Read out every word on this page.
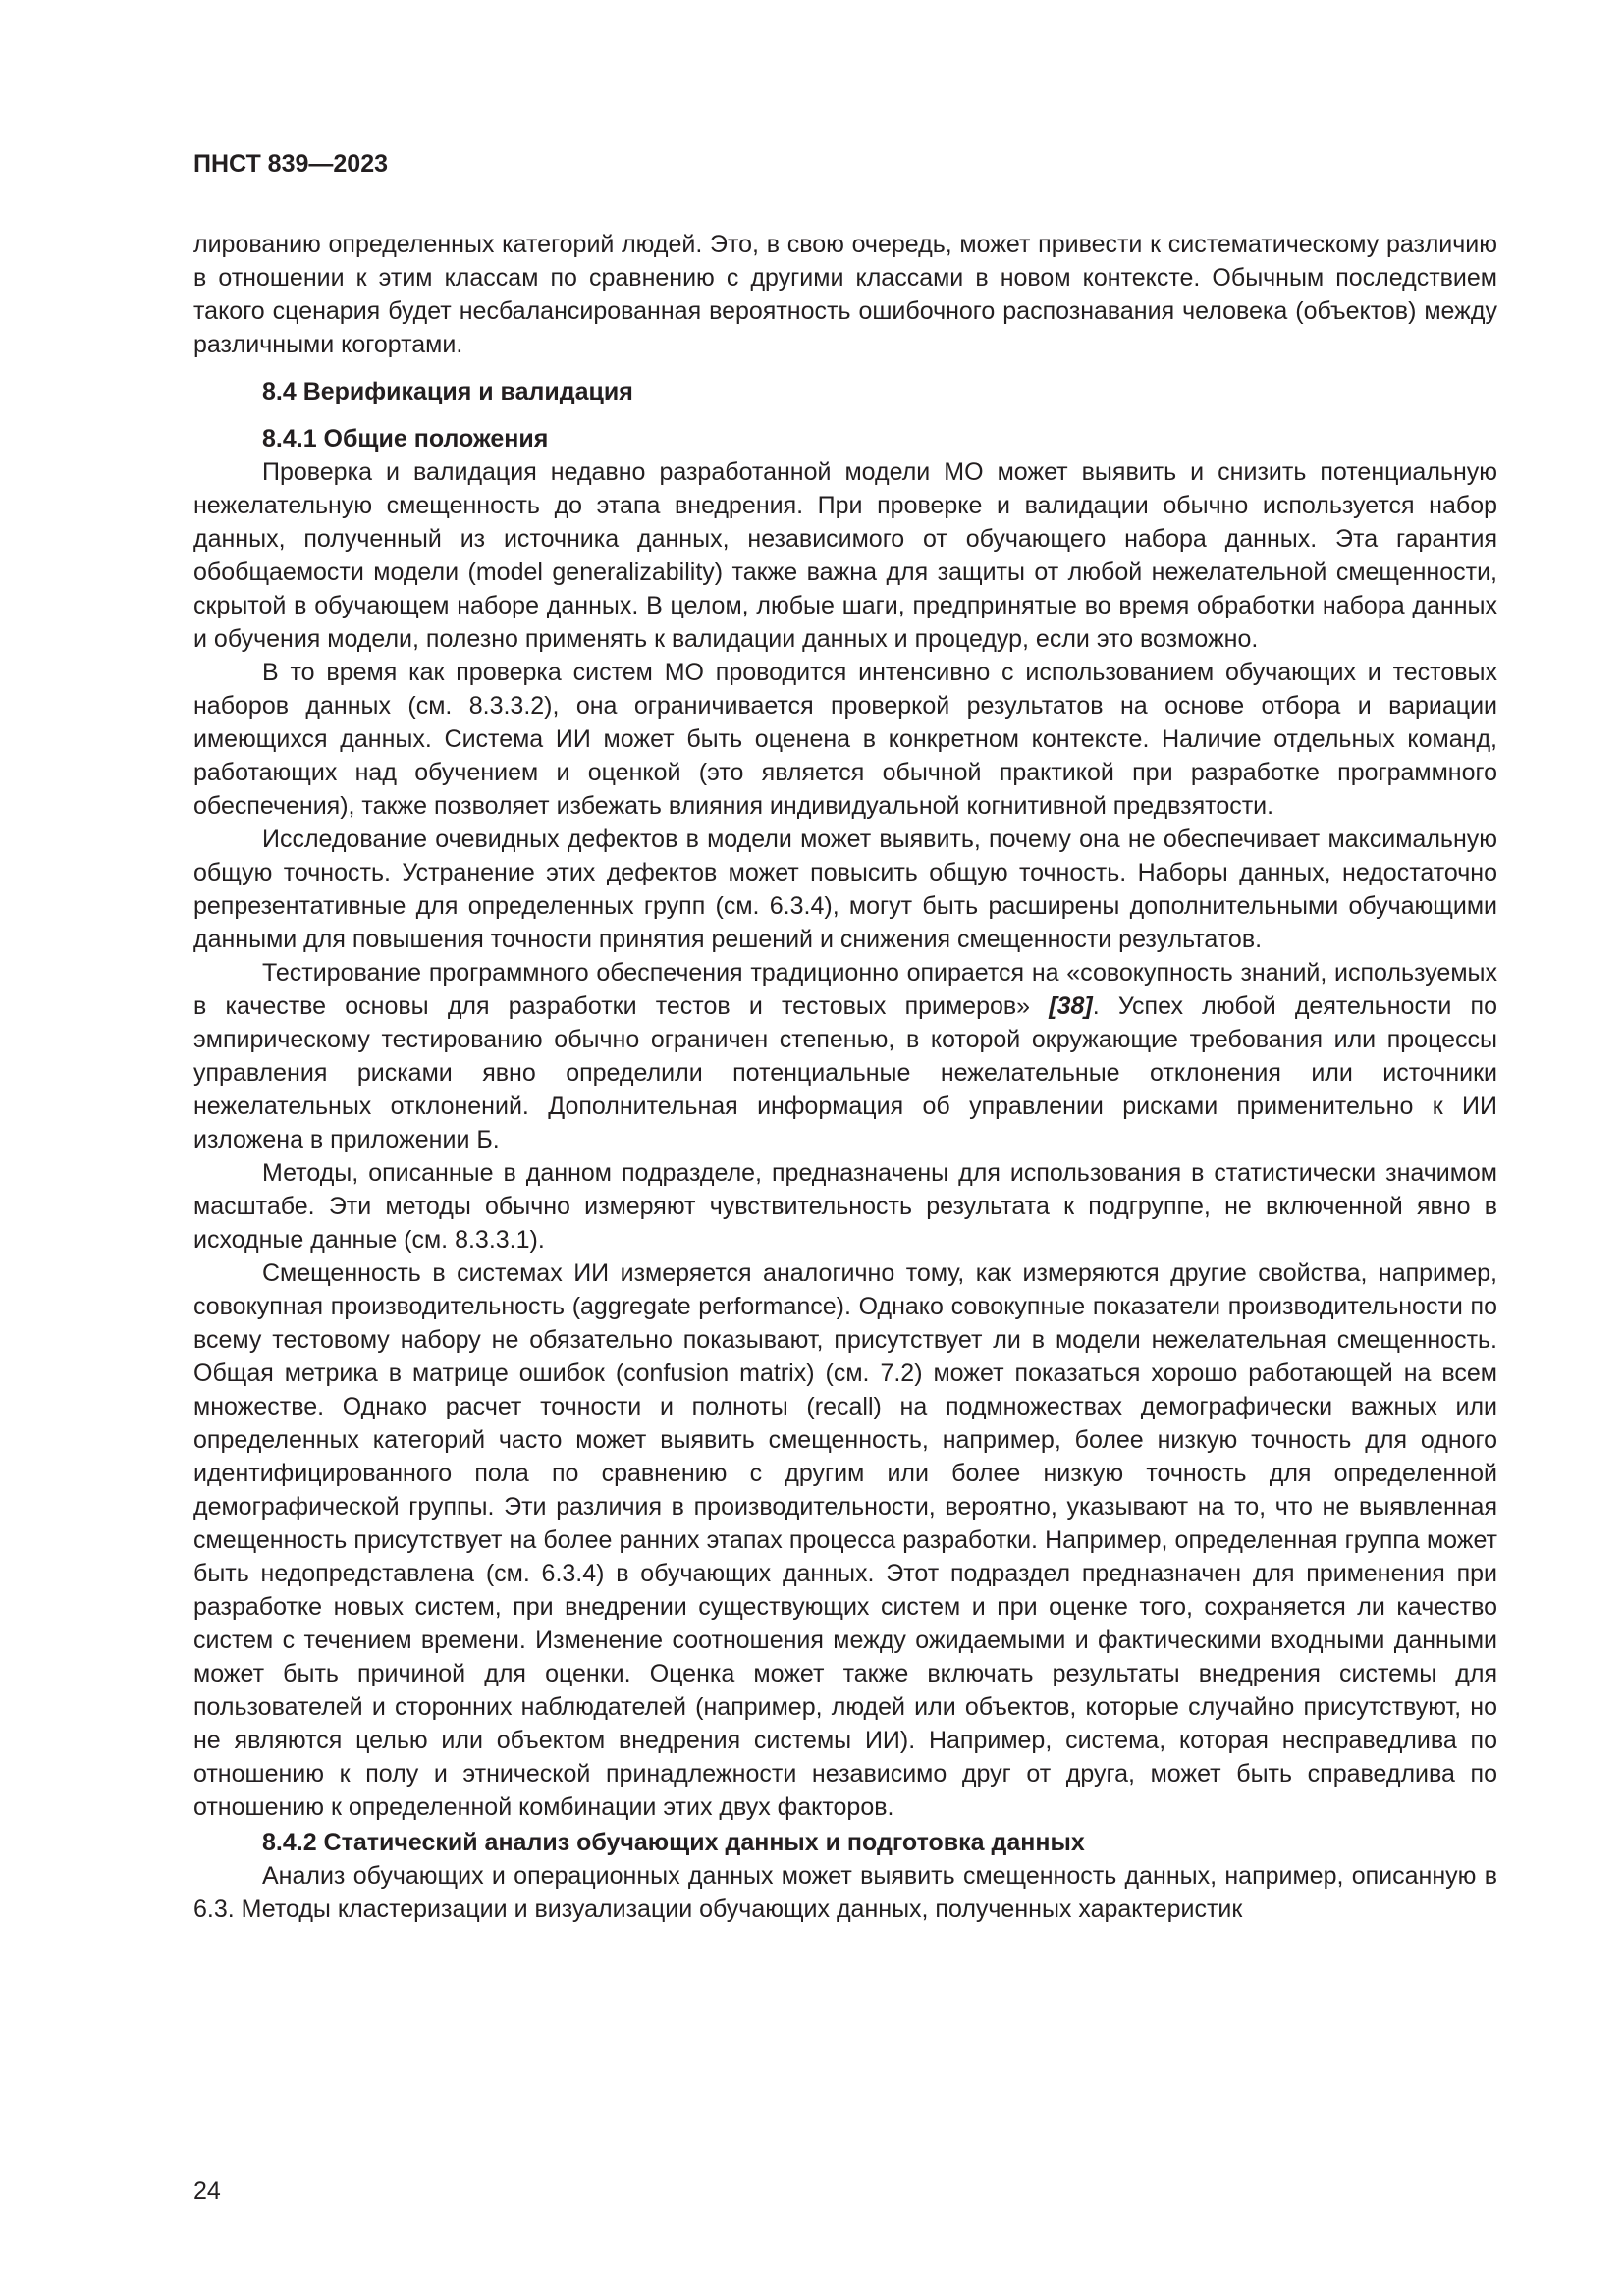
ПНСТ 839—2023

лированию определенных категорий людей. Это, в свою очередь, может привести к систематическому различию в отношении к этим классам по сравнению с другими классами в новом контексте. Обычным последствием такого сценария будет несбалансированная вероятность ошибочного распознавания человека (объектов) между различными когортами.

8.4 Верификация и валидация
8.4.1 Общие положения

Проверка и валидация недавно разработанной модели МО может выявить и снизить потенциальную нежелательную смещенность до этапа внедрения. При проверке и валидации обычно используется набор данных, полученный из источника данных, независимого от обучающего набора данных. Эта гарантия обобщаемости модели (model generalizability) также важна для защиты от любой нежелательной смещенности, скрытой в обучающем наборе данных. В целом, любые шаги, предпринятые во время обработки набора данных и обучения модели, полезно применять к валидации данных и процедур, если это возможно.

В то время как проверка систем МО проводится интенсивно с использованием обучающих и тестовых наборов данных (см. 8.3.3.2), она ограничивается проверкой результатов на основе отбора и вариации имеющихся данных. Система ИИ может быть оценена в конкретном контексте. Наличие отдельных команд, работающих над обучением и оценкой (это является обычной практикой при разработке программного обеспечения), также позволяет избежать влияния индивидуальной когнитивной предвзятости.

Исследование очевидных дефектов в модели может выявить, почему она не обеспечивает максимальную общую точность. Устранение этих дефектов может повысить общую точность. Наборы данных, недостаточно репрезентативные для определенных групп (см. 6.3.4), могут быть расширены дополнительными обучающими данными для повышения точности принятия решений и снижения смещенности результатов.

Тестирование программного обеспечения традиционно опирается на «совокупность знаний, используемых в качестве основы для разработки тестов и тестовых примеров» [38]. Успех любой деятельности по эмпирическому тестированию обычно ограничен степенью, в которой окружающие требования или процессы управления рисками явно определили потенциальные нежелательные отклонения или источники нежелательных отклонений. Дополнительная информация об управлении рисками применительно к ИИ изложена в приложении Б.

Методы, описанные в данном подразделе, предназначены для использования в статистически значимом масштабе. Эти методы обычно измеряют чувствительность результата к подгруппе, не включенной явно в исходные данные (см. 8.3.3.1).

Смещенность в системах ИИ измеряется аналогично тому, как измеряются другие свойства, например, совокупная производительность (aggregate performance). Однако совокупные показатели производительности по всему тестовому набору не обязательно показывают, присутствует ли в модели нежелательная смещенность. Общая метрика в матрице ошибок (confusion matrix) (см. 7.2) может показаться хорошо работающей на всем множестве. Однако расчет точности и полноты (recall) на подмножествах демографически важных или определенных категорий часто может выявить смещенность, например, более низкую точность для одного идентифицированного пола по сравнению с другим или более низкую точность для определенной демографической группы. Эти различия в производительности, вероятно, указывают на то, что не выявленная смещенность присутствует на более ранних этапах процесса разработки. Например, определенная группа может быть недопредставлена (см. 6.3.4) в обучающих данных. Этот подраздел предназначен для применения при разработке новых систем, при внедрении существующих систем и при оценке того, сохраняется ли качество систем с течением времени. Изменение соотношения между ожидаемыми и фактическими входными данными может быть причиной для оценки. Оценка может также включать результаты внедрения системы для пользователей и сторонних наблюдателей (например, людей или объектов, которые случайно присутствуют, но не являются целью или объектом внедрения системы ИИ). Например, система, которая несправедлива по отношению к полу и этнической принадлежности независимо друг от друга, может быть справедлива по отношению к определенной комбинации этих двух факторов.

8.4.2 Статический анализ обучающих данных и подготовка данных

Анализ обучающих и операционных данных может выявить смещенность данных, например, описанную в 6.3. Методы кластеризации и визуализации обучающих данных, полученных характеристик

24
